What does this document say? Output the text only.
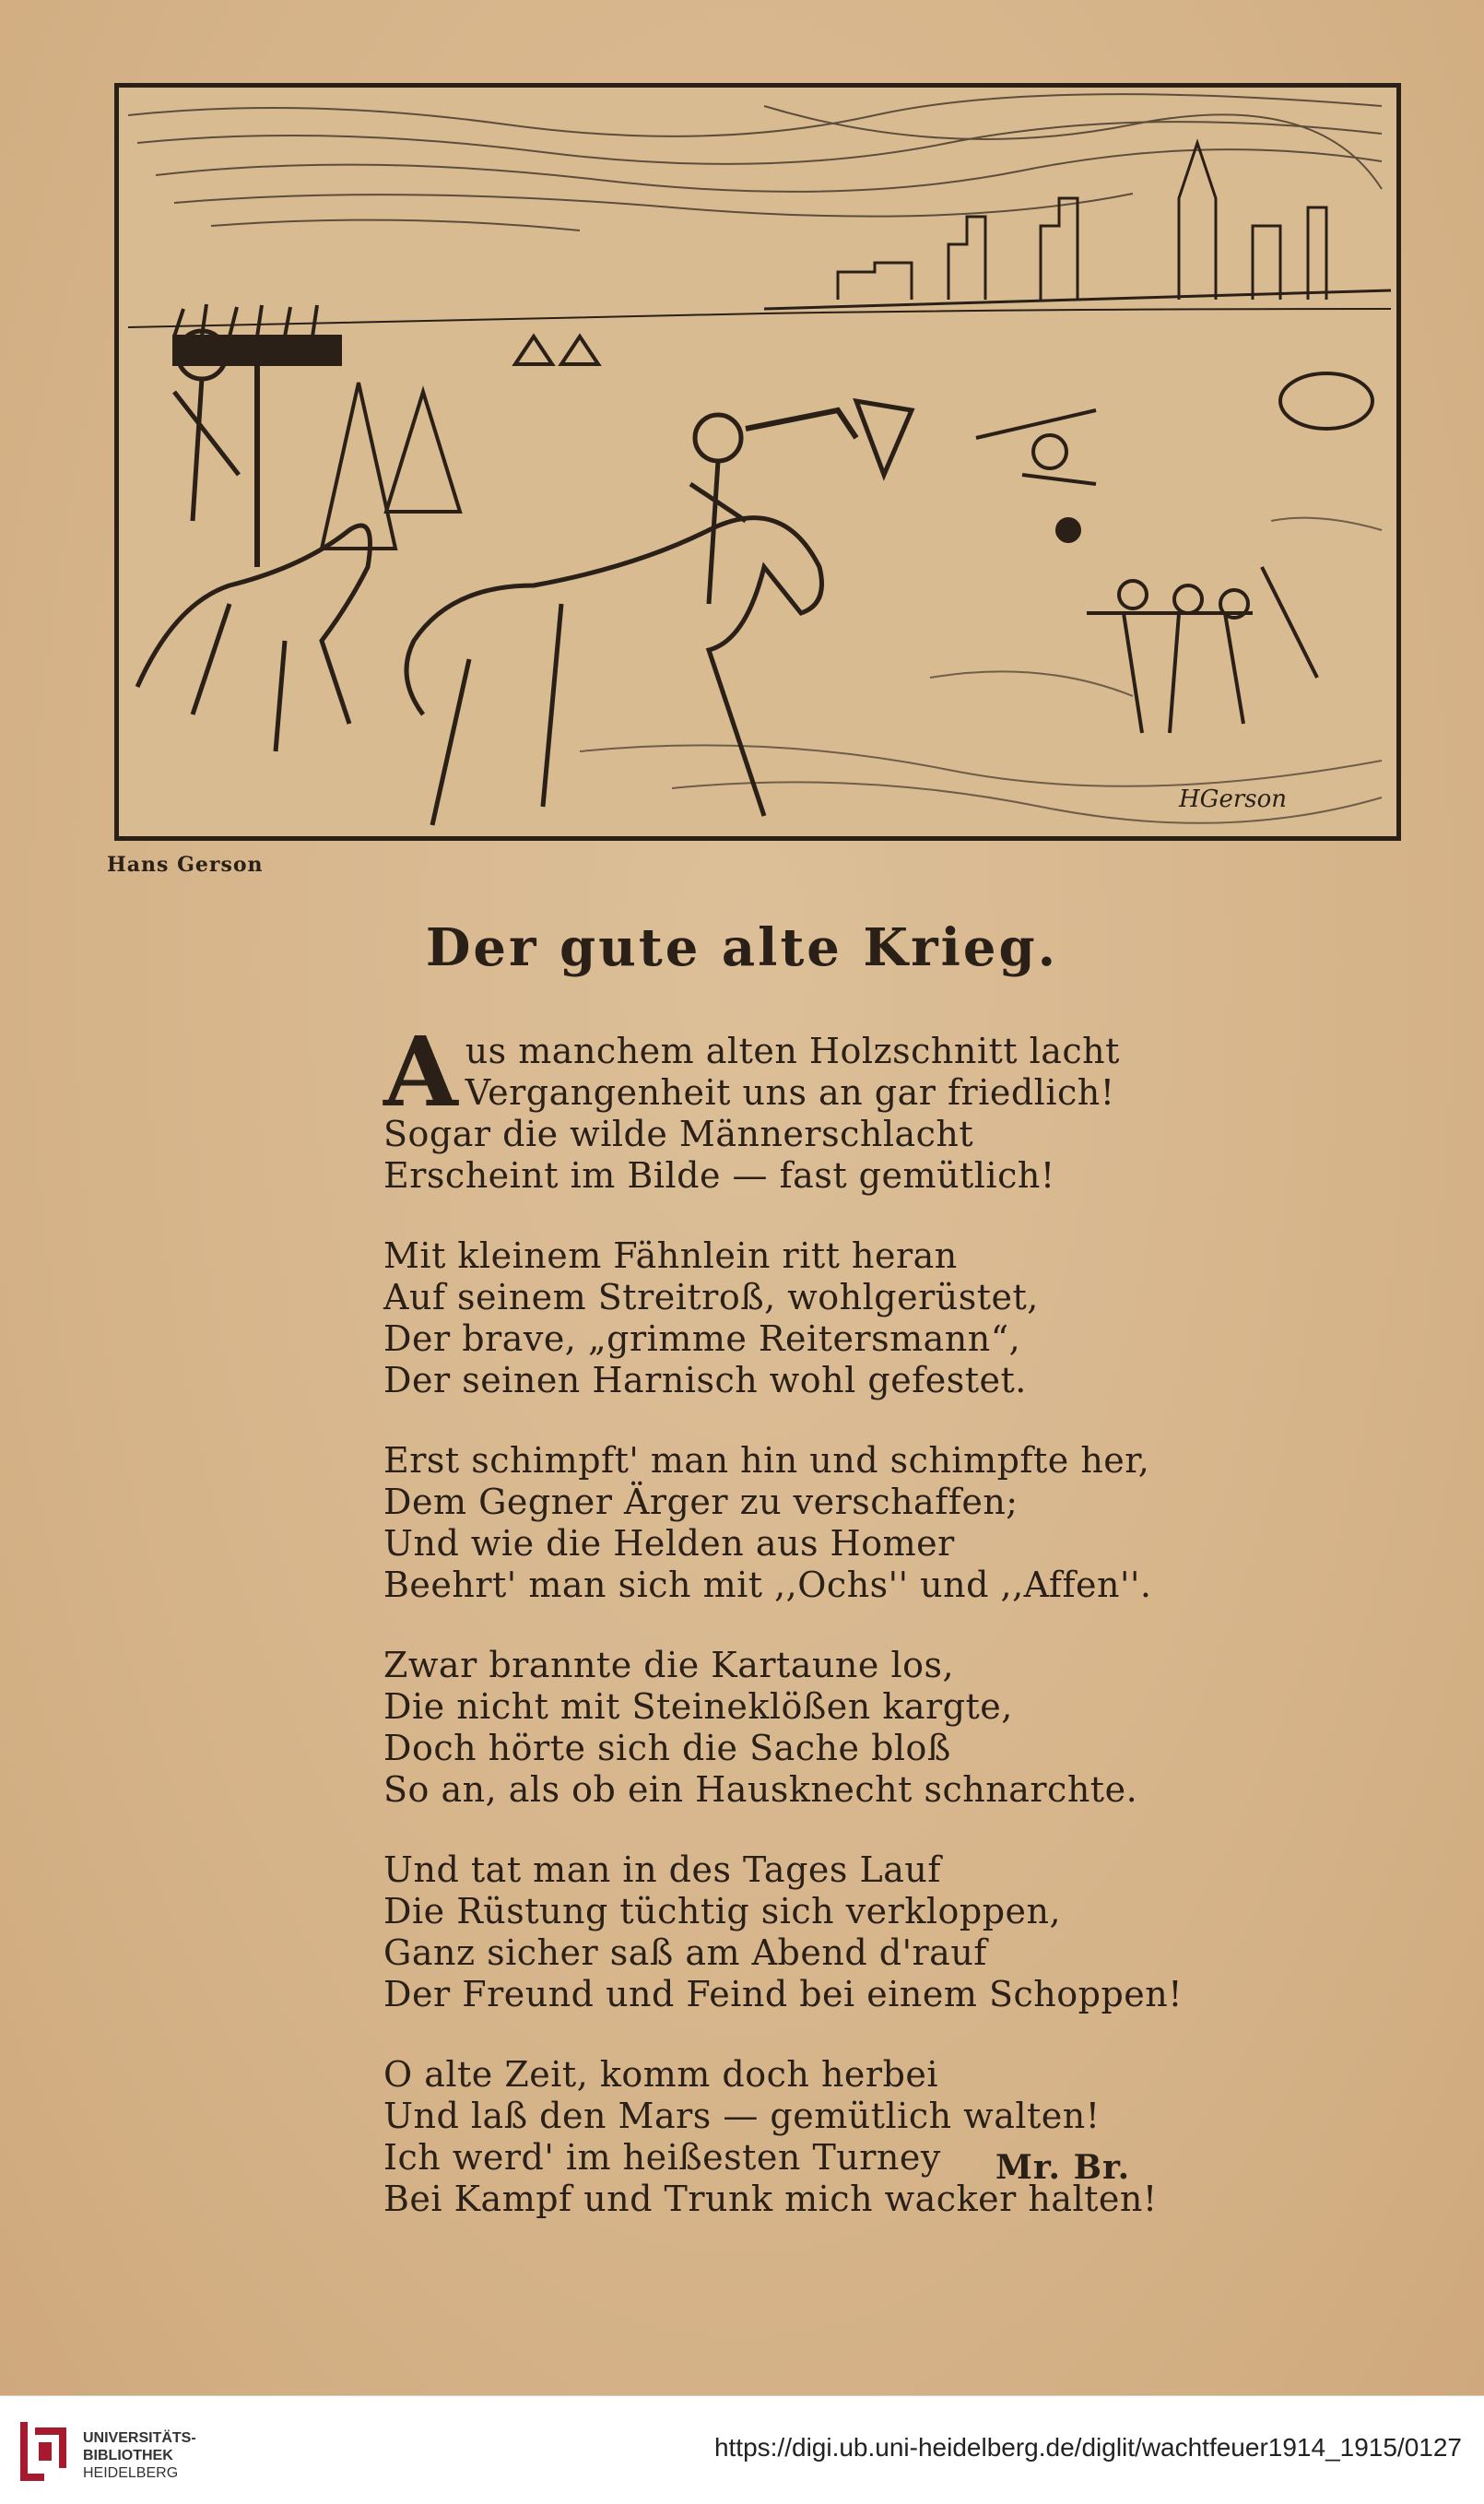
HGerson
Hans Gerson
Der gute alte Krieg.
A us manchem alten Holzschnitt lacht
Vergangenheit uns an gar friedlich!
Sogar die wilde Männerschlacht
Erscheint im Bilde — fast gemütlich!
Mit kleinem Fähnlein ritt heran
Auf seinem Streitroß, wohlgerüstet,
Der brave, „grimme Reitersmann“,
Der seinen Harnisch wohl gefestet.
Erst schimpft' man hin und schimpfte her,
Dem Gegner Ärger zu verschaffen;
Und wie die Helden aus Homer
Beehrt' man sich mit ,,Ochs'' und ,,Affen''.
Zwar brannte die Kartaune los,
Die nicht mit Steineklößen kargte,
Doch hörte sich die Sache bloß
So an, als ob ein Hausknecht schnarchte.
Und tat man in des Tages Lauf
Die Rüstung tüchtig sich verkloppen,
Ganz sicher saß am Abend d'rauf
Der Freund und Feind bei einem Schoppen!
O alte Zeit, komm doch herbei
Und laß den Mars — gemütlich walten!
Ich werd' im heißesten Turney
Bei Kampf und Trunk mich wacker halten!
Mr. Br.
UNIVERSITÄTS-
BIBLIOTHEK
HEIDELBERG
https://digi.ub.uni-heidelberg.de/diglit/wachtfeuer1914_1915/0127
